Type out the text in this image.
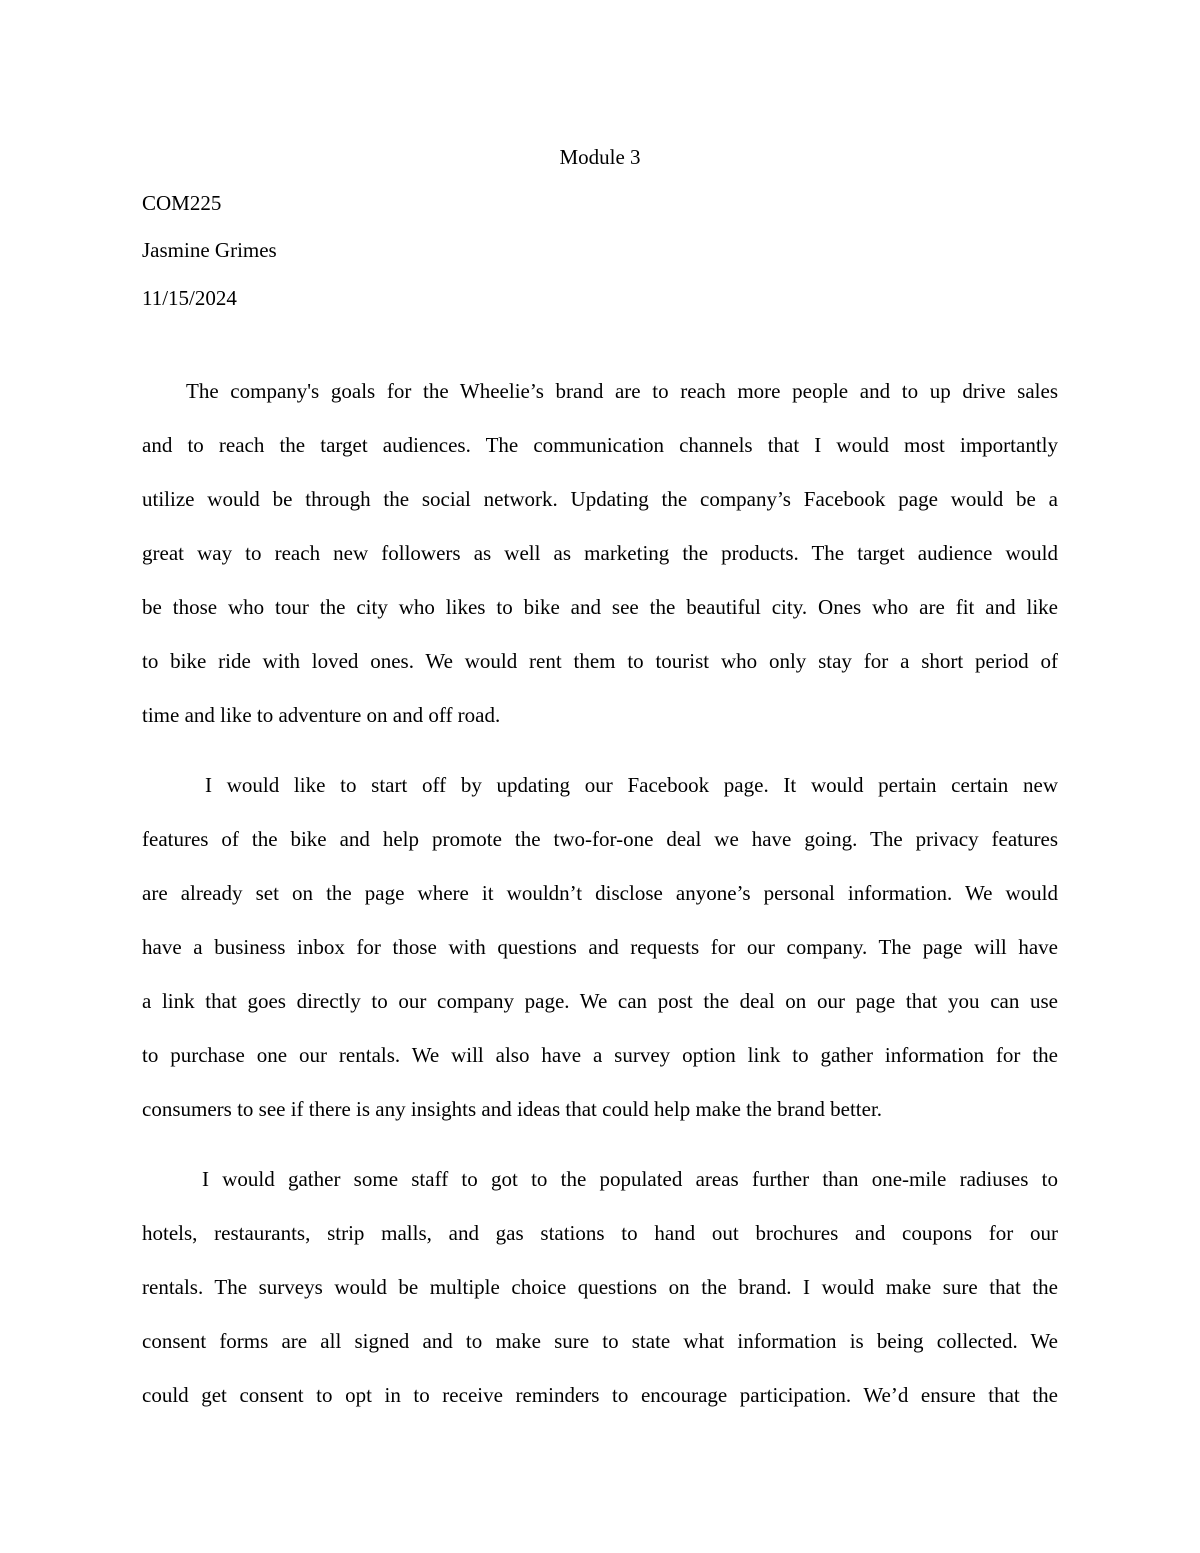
Module 3
COM225
Jasmine Grimes
11/15/2024
The company's goals for the Wheelie’s brand are to reach more people and to up drive sales
and to reach the target audiences. The communication channels that I would most importantly
utilize would be through the social network. Updating the company’s Facebook page would be a
great way to reach new followers as well as marketing the products. The target audience would
be those who tour the city who likes to bike and see the beautiful city. Ones who are fit and like
to bike ride with loved ones. We would rent them to tourist who only stay for a short period of
time and like to adventure on and off road.
I would like to start off by updating our Facebook page. It would pertain certain new
features of the bike and help promote the two-for-one deal we have going. The privacy features
are already set on the page where it wouldn’t disclose anyone’s personal information. We would
have a business inbox for those with questions and requests for our company. The page will have
a link that goes directly to our company page. We can post the deal on our page that you can use
to purchase one our rentals. We will also have a survey option link to gather information for the
consumers to see if there is any insights and ideas that could help make the brand better.
I would gather some staff to got to the populated areas further than one-mile radiuses to
hotels, restaurants, strip malls, and gas stations to hand out brochures and coupons for our
rentals. The surveys would be multiple choice questions on the brand. I would make sure that the
consent forms are all signed and to make sure to state what information is being collected. We
could get consent to opt in to receive reminders to encourage participation. We’d ensure that the
